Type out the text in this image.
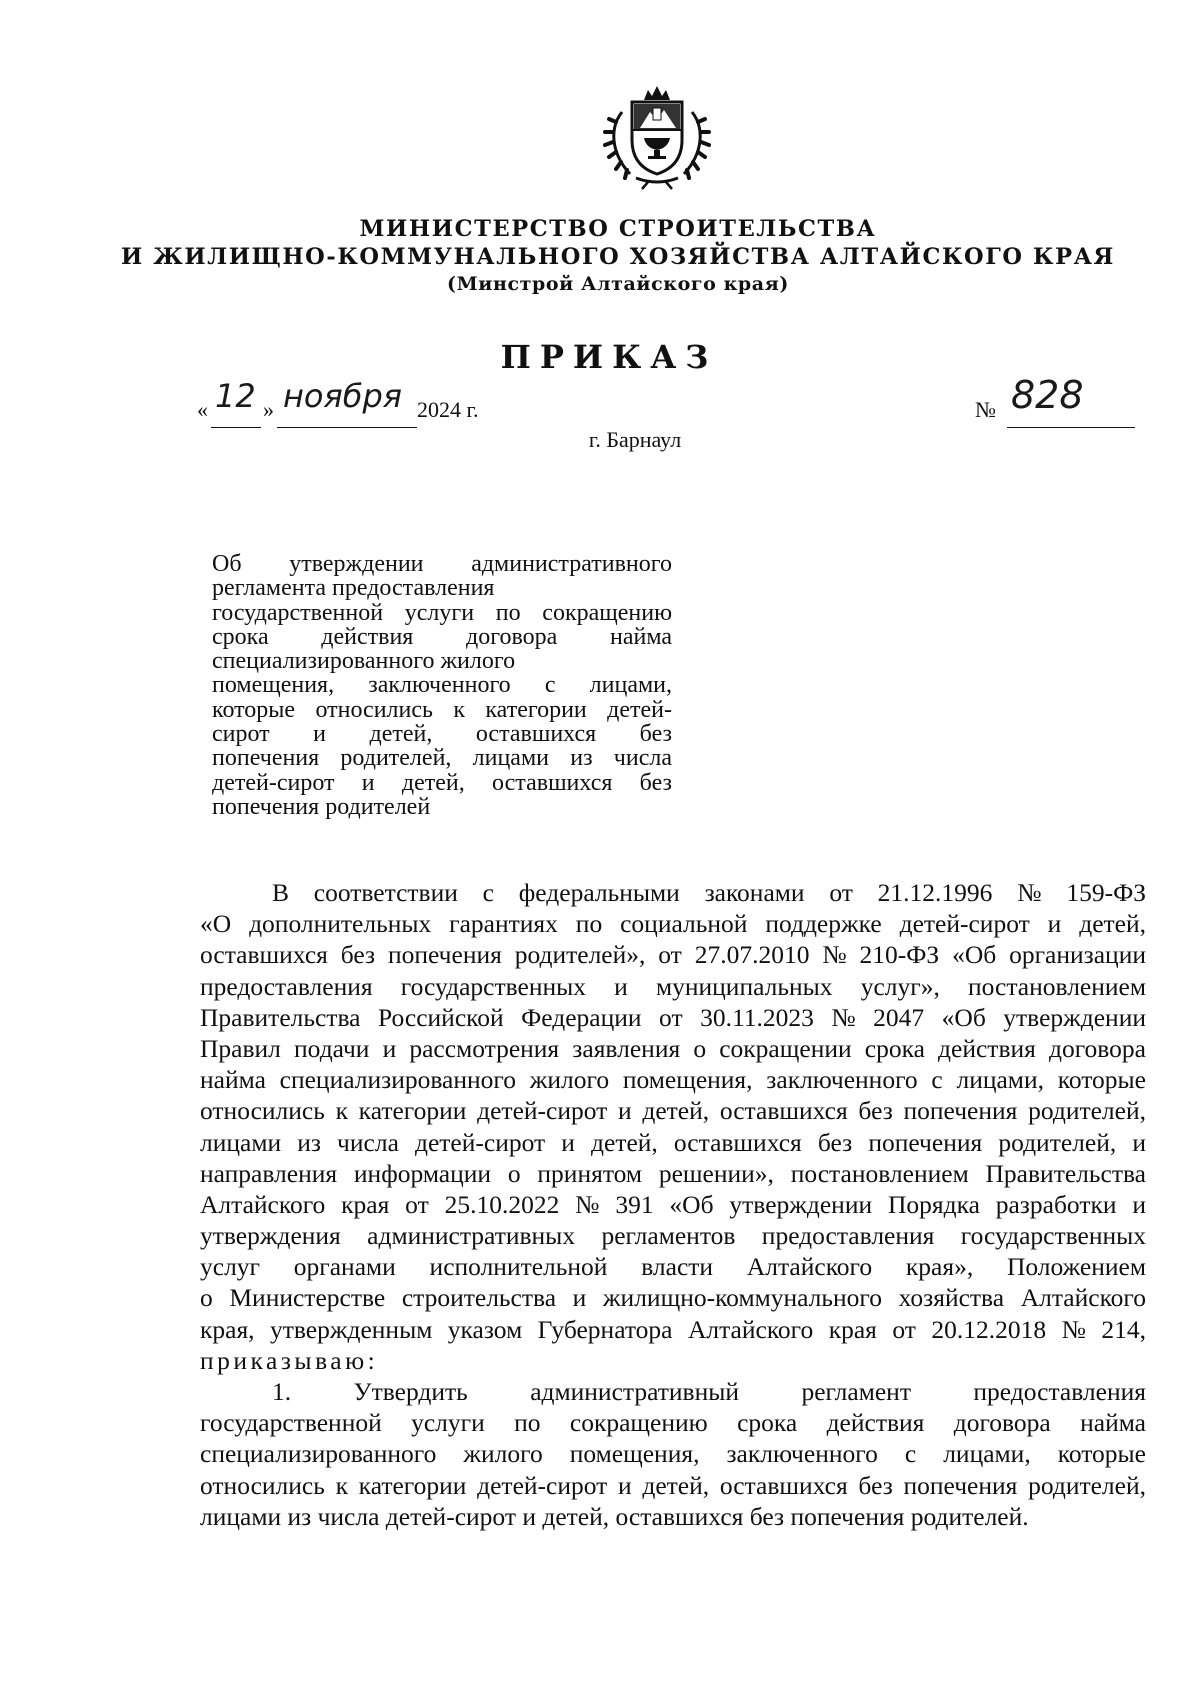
МИНИСТЕРСТВО СТРОИТЕЛЬСТВА
И ЖИЛИЩНО-КОММУНАЛЬНОГО ХОЗЯЙСТВА АЛТАЙСКОГО КРАЯ
(Минстрой Алтайского края)
ПРИКАЗ
« 12 » ноября 2024 г.	№ 828
г. Барнаул
Об утверждении административного
регламента предоставления
государственной услуги по сокращению
срока действия договора найма
специализированного жилого
помещения, заключенного с лицами,
которые относились к категории детей-
сирот и детей, оставшихся без
попечения родителей, лицами из числа
детей-сирот и детей, оставшихся без
попечения родителей
В соответствии с федеральными законами от 21.12.1996 № 159-ФЗ
«О дополнительных гарантиях по социальной поддержке детей-сирот и детей,
оставшихся без попечения родителей», от 27.07.2010 № 210-ФЗ «Об организации
предоставления государственных и муниципальных услуг», постановлением
Правительства Российской Федерации от 30.11.2023 № 2047 «Об утверждении
Правил подачи и рассмотрения заявления о сокращении срока действия договора
найма специализированного жилого помещения, заключенного с лицами, которые
относились к категории детей-сирот и детей, оставшихся без попечения родителей,
лицами из числа детей-сирот и детей, оставшихся без попечения родителей, и
направления информации о принятом решении», постановлением Правительства
Алтайского края от 25.10.2022 № 391 «Об утверждении Порядка разработки и
утверждения административных регламентов предоставления государственных
услуг органами исполнительной власти Алтайского края», Положением
о Министерстве строительства и жилищно-коммунального хозяйства Алтайского
края, утвержденным указом Губернатора Алтайского края от 20.12.2018 № 214,
приказываю:
1. Утвердить административный регламент предоставления
государственной услуги по сокращению срока действия договора найма
специализированного жилого помещения, заключенного с лицами, которые
относились к категории детей-сирот и детей, оставшихся без попечения родителей,
лицами из числа детей-сирот и детей, оставшихся без попечения родителей.
